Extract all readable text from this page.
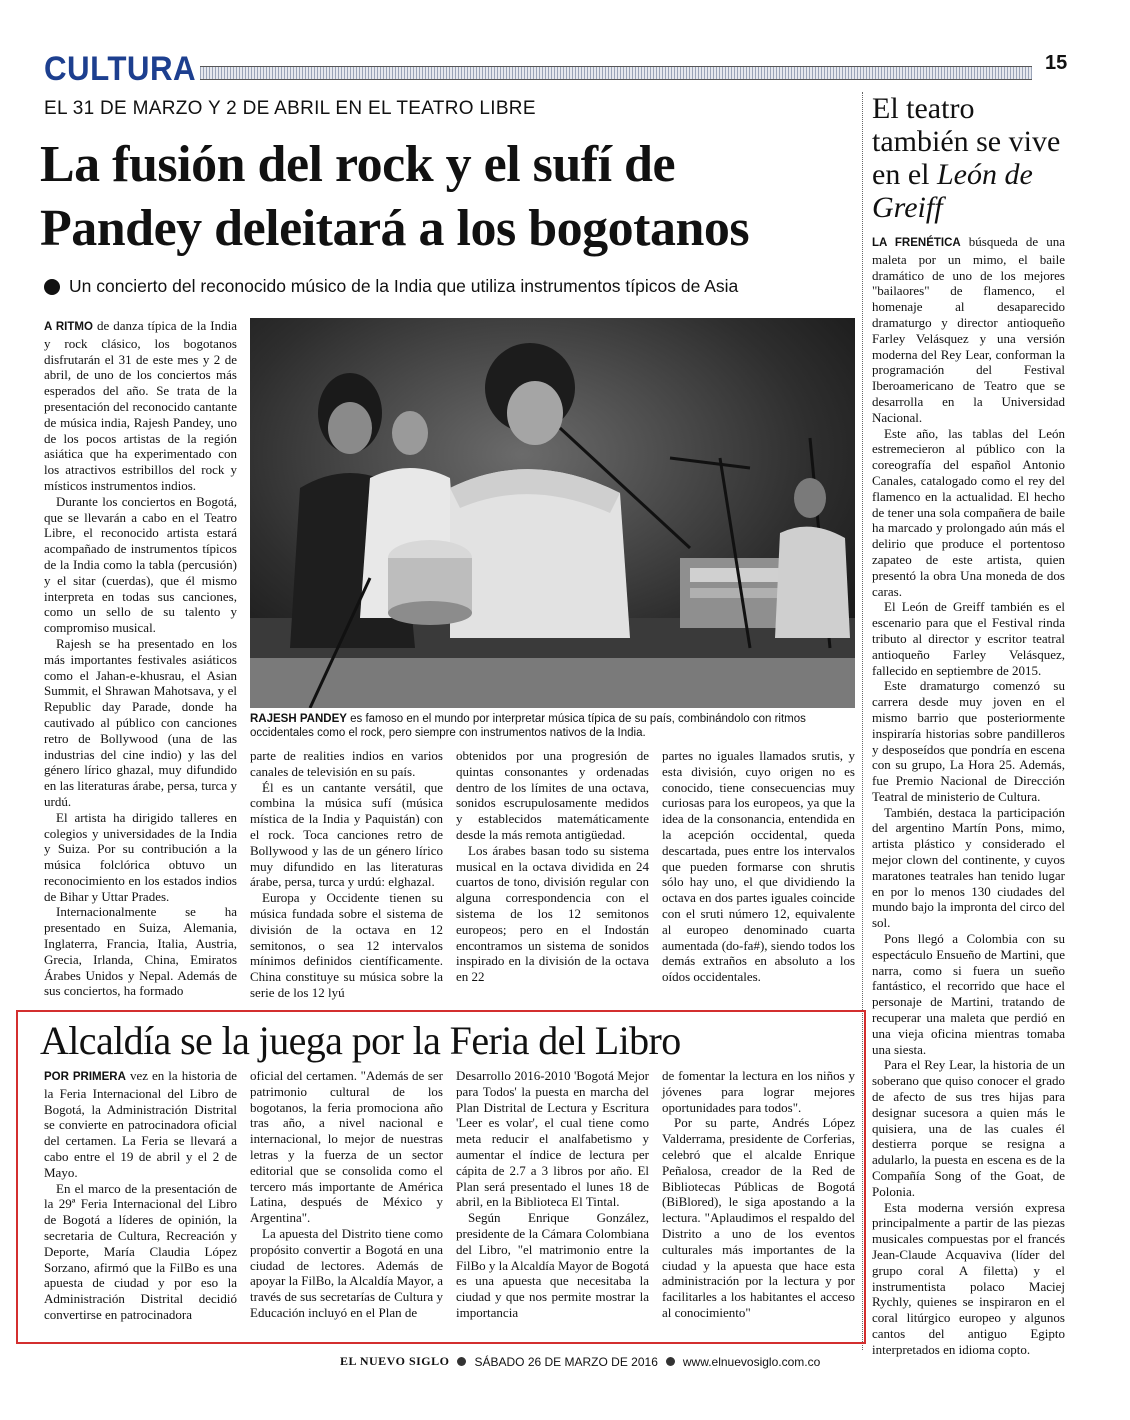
CULTURA	15
EL 31 DE MARZO Y 2 DE ABRIL EN EL TEATRO LIBRE
La fusión del rock y el sufí de
Pandey deleitará a los bogotanos
Un concierto del reconocido músico de la India que utiliza instrumentos típicos de Asia

A RITMO de danza típica de la India y rock clásico, los bogotanos disfrutarán el 31 de este mes y 2 de abril, de uno de los conciertos más esperados del año. Se trata de la presentación del reconocido cantante de música india, Rajesh Pandey, uno de los pocos artistas de la región asiática que ha experimentado con los atractivos estribillos del rock y místicos instrumentos indios.

Durante los conciertos en Bogotá, que se llevarán a cabo en el Teatro Libre, el reconocido artista estará acompañado de instrumentos típicos de la India como la tabla (percusión) y el sitar (cuerdas), que él mismo interpreta en todas sus canciones, como un sello de su talento y compromiso musical.

Rajesh se ha presentado en los más importantes festivales asiáticos como el Jahan-e-khusrau, el Asian Summit, el Shrawan Mahotsava, y el Republic day Parade, donde ha cautivado al público con canciones retro de Bollywood (una de las industrias del cine indio) y las del género lírico ghazal, muy difundido en las literaturas árabe, persa, turca y urdú.

El artista ha dirigido talleres en colegios y universidades de la India y Suiza. Por su contribución a la música folclórica obtuvo un reconocimiento en los estados indios de Bihar y Uttar Prades.

Internacionalmente se ha presentado en Suiza, Alemania, Inglaterra, Francia, Italia, Austria, Grecia, Irlanda, China, Emiratos Árabes Unidos y Nepal. Además de sus conciertos, ha formado

RAJESH PANDEY es famoso en el mundo por interpretar música típica de su país, combinándolo con ritmos occidentales como el rock, pero siempre con instrumentos nativos de la India.

parte de realities indios en varios canales de televisión en su país.

Él es un cantante versátil, que combina la música sufí (música mística de la India y Paquistán) con el rock. Toca canciones retro de Bollywood y las de un género lírico muy difundido en las literaturas árabe, persa, turca y urdú: elghazal.

Europa y Occidente tienen su música fundada sobre el sistema de división de la octava en 12 semitonos, o sea 12 intervalos mínimos definidos científicamente. China constituye su música sobre la serie de los 12 lyú

obtenidos por una progresión de quintas consonantes y ordenadas dentro de los límites de una octava, sonidos escrupulosamente medidos y establecidos matemáticamente desde la más remota antigüedad.

Los árabes basan todo su sistema musical en la octava dividida en 24 cuartos de tono, división regular con alguna correspondencia con el sistema de los 12 semitonos europeos; pero en el Indostán encontramos un sistema de sonidos inspirado en la división de la octava en 22

partes no iguales llamados srutis, y esta división, cuyo origen no es conocido, tiene consecuencias muy curiosas para los europeos, ya que la idea de la consonancia, entendida en la acepción occidental, queda descartada, pues entre los intervalos que pueden formarse con shrutis sólo hay uno, el que dividiendo la octava en dos partes iguales coincide con el sruti número 12, equivalente al europeo denominado cuarta aumentada (do-fa#), siendo todos los demás extraños en absoluto a los oídos occidentales.

El teatro también se vive en el León de Greiff

LA FRENÉTICA búsqueda de una maleta por un mimo, el baile dramático de uno de los mejores "bailaores" de flamenco, el homenaje al desaparecido dramaturgo y director antioqueño Farley Velásquez y una versión moderna del Rey Lear, conforman la programación del Festival Iberoamericano de Teatro que se desarrolla en la Universidad Nacional.

Este año, las tablas del León estremecieron al público con la coreografía del español Antonio Canales, catalogado como el rey del flamenco en la actualidad. El hecho de tener una sola compañera de baile ha marcado y prolongado aún más el delirio que produce el portentoso zapateo de este artista, quien presentó la obra Una moneda de dos caras.

El León de Greiff también es el escenario para que el Festival rinda tributo al director y escritor teatral antioqueño Farley Velásquez, fallecido en septiembre de 2015.

Este dramaturgo comenzó su carrera desde muy joven en el mismo barrio que posteriormente inspiraría historias sobre pandilleros y desposeídos que pondría en escena con su grupo, La Hora 25. Además, fue Premio Nacional de Dirección Teatral de ministerio de Cultura.

También, destaca la participación del argentino Martín Pons, mimo, artista plástico y considerado el mejor clown del continente, y cuyos maratones teatrales han tenido lugar en por lo menos 130 ciudades del mundo bajo la impronta del circo del sol.

Pons llegó a Colombia con su espectáculo Ensueño de Martini, que narra, como si fuera un sueño fantástico, el recorrido que hace el personaje de Martini, tratando de recuperar una maleta que perdió en una vieja oficina mientras tomaba una siesta.

Para el Rey Lear, la historia de un soberano que quiso conocer el grado de afecto de sus tres hijas para designar sucesora a quien más le quisiera, una de las cuales él destierra porque se resigna a adularlo, la puesta en escena es de la Compañía Song of the Goat, de Polonia.

Esta moderna versión expresa principalmente a partir de las piezas musicales compuestas por el francés Jean-Claude Acquaviva (líder del grupo coral A filetta) y el instrumentista polaco Maciej Rychly, quienes se inspiraron en el coral litúrgico europeo y algunos cantos del antiguo Egipto interpretados en idioma copto.

Alcaldía se la juega por la Feria del Libro

POR PRIMERA vez en la historia de la Feria Internacional del Libro de Bogotá, la Administración Distrital se convierte en patrocinadora oficial del certamen. La Feria se llevará a cabo entre el 19 de abril y el 2 de Mayo.

En el marco de la presentación de la 29ª Feria Internacional del Libro de Bogotá a líderes de opinión, la secretaria de Cultura, Recreación y Deporte, María Claudia López Sorzano, afirmó que la FilBo es una apuesta de ciudad y por eso la Administración Distrital decidió convertirse en patrocinadora

oficial del certamen. "Además de ser patrimonio cultural de los bogotanos, la feria promociona año tras año, a nivel nacional e internacional, lo mejor de nuestras letras y la fuerza de un sector editorial que se consolida como el tercero más importante de América Latina, después de México y Argentina".

La apuesta del Distrito tiene como propósito convertir a Bogotá en una ciudad de lectores. Además de apoyar la FilBo, la Alcaldía Mayor, a través de sus secretarías de Cultura y Educación incluyó en el Plan de

Desarrollo 2016-2010 'Bogotá Mejor para Todos' la puesta en marcha del Plan Distrital de Lectura y Escritura 'Leer es volar', el cual tiene como meta reducir el analfabetismo y aumentar el índice de lectura per cápita de 2.7 a 3 libros por año. El Plan será presentado el lunes 18 de abril, en la Biblioteca El Tintal.

Según Enrique González, presidente de la Cámara Colombiana del Libro, "el matrimonio entre la FilBo y la Alcaldía Mayor de Bogotá es una apuesta que necesitaba la ciudad y que nos permite mostrar la importancia

de fomentar la lectura en los niños y jóvenes para lograr mejores oportunidades para todos".

Por su parte, Andrés López Valderrama, presidente de Corferias, celebró que el alcalde Enrique Peñalosa, creador de la Red de Bibliotecas Públicas de Bogotá (BiBlored), le siga apostando a la lectura. "Aplaudimos el respaldo del Distrito a uno de los eventos culturales más importantes de la ciudad y la apuesta que hace esta administración por la lectura y por facilitarles a los habitantes el acceso al conocimiento"

EL NUEVO SIGLO SÁBADO 26 DE MARZO DE 2016 www.elnuevosiglo.com.co
